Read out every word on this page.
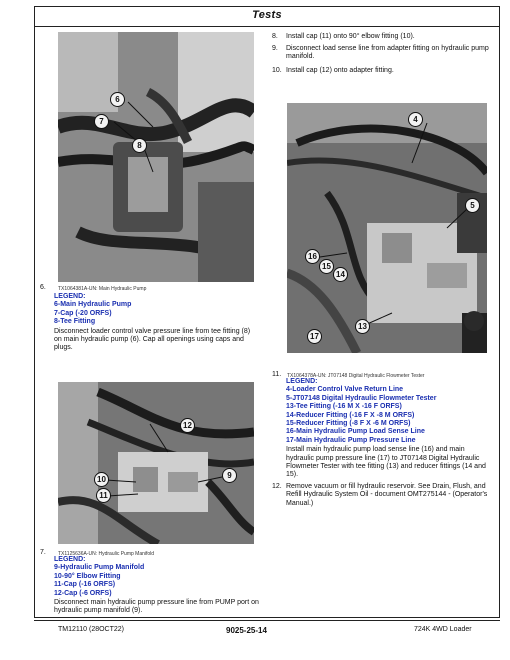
Tests
6
7
8
TX1064381A-UN: Main Hydraulic Pump
6.
LEGEND:
6-Main Hydraulic Pump
7-Cap (-20 ORFS)
8-Tee Fitting
Disconnect loader control valve pressure line from tee fitting (8) on main hydraulic pump (6). Cap all openings using caps and plugs.
8. Install cap (11) onto 90° elbow fitting (10).
9. Disconnect load sense line from adapter fitting on hydraulic pump manifold.
10. Install cap (12) onto adapter fitting.
4
5
16
15
14
13
17
TX1064378A-UN: JT07148 Digital Hydraulic Flowmeter Tester
11.
LEGEND:
4-Loader Control Valve Return Line
5-JT07148 Digital Hydraulic Flowmeter Tester
13-Tee Fitting (-16 M X -16 F ORFS)
14-Reducer Fitting (-16 F X -8 M ORFS)
15-Reducer Fitting (-8 F X -6 M ORFS)
16-Main Hydraulic Pump Load Sense Line
17-Main Hydraulic Pump Pressure Line
Install main hydraulic pump load sense line (16) and main hydraulic pump pressure line (17) to JT07148 Digital Hydraulic Flowmeter Tester with tee fitting (13) and reducer fittings (14 and 15).
12. Remove vacuum or fill hydraulic reservoir. See Drain, Flush, and Refill Hydraulic System Oil - document OMT275144 - (Operator's Manual.)
12
10	9
11
TX1125636A-UN: Hydraulic Pump Manifold
7.
LEGEND:
9-Hydraulic Pump Manifold
10-90° Elbow Fitting
11-Cap (-16 ORFS)
12-Cap (-6 ORFS)
Disconnect main hydraulic pump pressure line from PUMP port on hydraulic pump manifold (9).
TM12110 (28OCT22)	9025-25-14	724K 4WD Loader
